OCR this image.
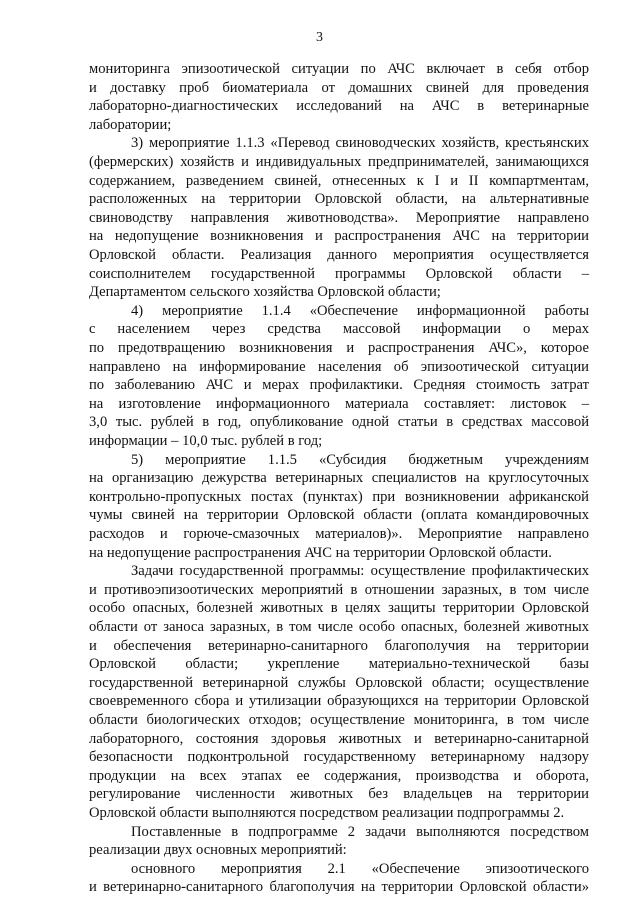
3
мониторинга эпизоотической ситуации по АЧС включает в себя отбор
и доставку проб биоматериала от домашних свиней для проведения
лабораторно-диагностических исследований на АЧС в ветеринарные
лаборатории;
3) мероприятие 1.1.3 «Перевод свиноводческих хозяйств, крестьянских
(фермерских) хозяйств и индивидуальных предпринимателей, занимающихся
содержанием, разведением свиней, отнесенных к I и II компартментам,
расположенных на территории Орловской области, на альтернативные
свиноводству направления животноводства». Мероприятие направлено
на недопущение возникновения и распространения АЧС на территории
Орловской области. Реализация данного мероприятия осуществляется
соисполнителем государственной программы Орловской области –
Департаментом сельского хозяйства Орловской области;
4) мероприятие 1.1.4 «Обеспечение информационной работы
с населением через средства массовой информации о мерах
по предотвращению возникновения и распространения АЧС», которое
направлено на информирование населения об эпизоотической ситуации
по заболеванию АЧС и мерах профилактики. Средняя стоимость затрат
на изготовление информационного материала составляет: листовок –
3,0 тыс. рублей в год, опубликование одной статьи в средствах массовой
информации – 10,0 тыс. рублей в год;
5) мероприятие 1.1.5 «Субсидия бюджетным учреждениям
на организацию дежурства ветеринарных специалистов на круглосуточных
контрольно-пропускных постах (пунктах) при возникновении африканской
чумы свиней на территории Орловской области (оплата командировочных
расходов и горюче-смазочных материалов)». Мероприятие направлено
на недопущение распространения АЧС на территории Орловской области.
Задачи государственной программы: осуществление профилактических
и противоэпизоотических мероприятий в отношении заразных, в том числе
особо опасных, болезней животных в целях защиты территории Орловской
области от заноса заразных, в том числе особо опасных, болезней животных
и обеспечения ветеринарно-санитарного благополучия на территории
Орловской области; укрепление материально-технической базы
государственной ветеринарной службы Орловской области; осуществление
своевременного сбора и утилизации образующихся на территории Орловской
области биологических отходов; осуществление мониторинга, в том числе
лабораторного, состояния здоровья животных и ветеринарно-санитарной
безопасности подконтрольной государственному ветеринарному надзору
продукции на всех этапах ее содержания, производства и оборота,
регулирование численности животных без владельцев на территории
Орловской области выполняются посредством реализации подпрограммы 2.
Поставленные в подпрограмме 2 задачи выполняются посредством
реализации двух основных мероприятий:
основного мероприятия 2.1 «Обеспечение эпизоотического
и ветеринарно-санитарного благополучия на территории Орловской области»
